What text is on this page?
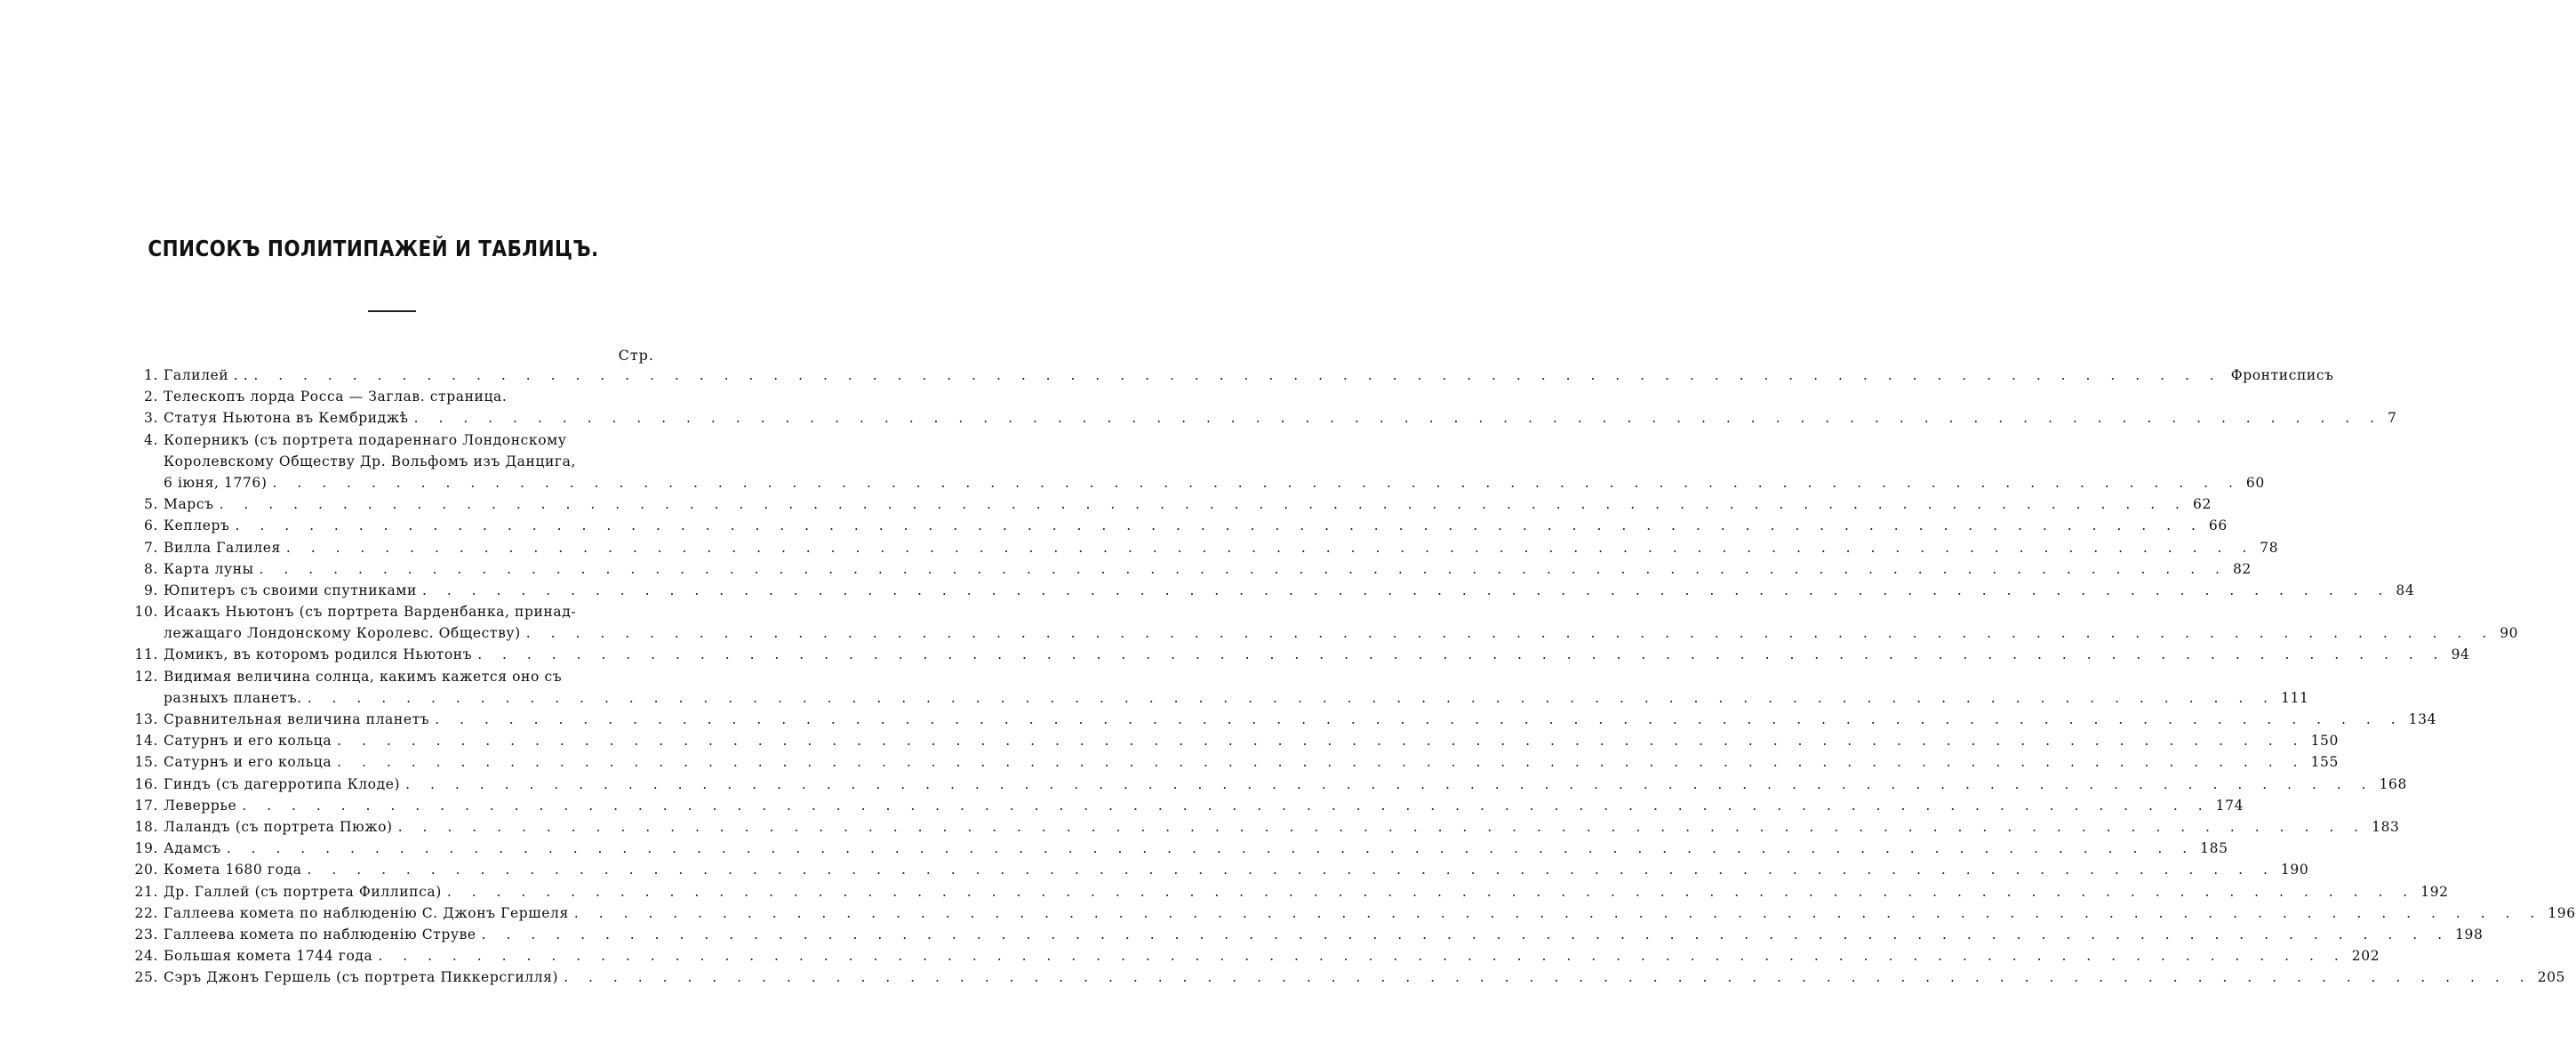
СПИСОКЪ ПОЛИТИПАЖЕЙ И ТАБЛИЦЪ.
Стр.
1. Галилей . . . . . . . . . . . . . . . . . . . . . . . . . . . . . . . . . . . . . . . . . . . . . . . . . . . . . . . . . . . . . . . . . . . . . . . . . . . . . . . . . . Фронтисписъ
2. Телескопъ лорда Росса — Заглав. страница.
3. Статуя Ньютона въ Кембриджѣ . . . . . . . . . . . . . . . . . . . . . . . . . . . . . . . . . . . . . . . . . . . . . . . . . . . . . . . . . . . . . . . . . . . . . . . . . . . . . . . . 7
4. Коперникъ (съ портрета подареннаго Лондонскому
Королевскому Обществу Др. Вольфомъ изъ Данцига,
6 іюня, 1776) . . . . . . . . . . . . . . . . . . . . . . . . . . . . . . . . . . . . . . . . . . . . . . . . . . . . . . . . . . . . . . . . . . . . . . . . . . . . . . . . 60
5. Марсъ . . . . . . . . . . . . . . . . . . . . . . . . . . . . . . . . . . . . . . . . . . . . . . . . . . . . . . . . . . . . . . . . . . . . . . . . . . . . . . . . 62
6. Кеплеръ . . . . . . . . . . . . . . . . . . . . . . . . . . . . . . . . . . . . . . . . . . . . . . . . . . . . . . . . . . . . . . . . . . . . . . . . . . . . . . . . 66
7. Вилла Галилея . . . . . . . . . . . . . . . . . . . . . . . . . . . . . . . . . . . . . . . . . . . . . . . . . . . . . . . . . . . . . . . . . . . . . . . . . . . . . . . . 78
8. Карта луны . . . . . . . . . . . . . . . . . . . . . . . . . . . . . . . . . . . . . . . . . . . . . . . . . . . . . . . . . . . . . . . . . . . . . . . . . . . . . . . . 82
9. Юпитеръ съ своими спутниками . . . . . . . . . . . . . . . . . . . . . . . . . . . . . . . . . . . . . . . . . . . . . . . . . . . . . . . . . . . . . . . . . . . . . . . . . . . . . . . . 84
10. Исаакъ Ньютонъ (съ портрета Варденбанка, принад-
лежащаго Лондонскому Королевс. Обществу) . . . . . . . . . . . . . . . . . . . . . . . . . . . . . . . . . . . . . . . . . . . . . . . . . . . . . . . . . . . . . . . . . . . . . . . . . . . . . . . . 90
11. Домикъ, въ которомъ родился Ньютонъ . . . . . . . . . . . . . . . . . . . . . . . . . . . . . . . . . . . . . . . . . . . . . . . . . . . . . . . . . . . . . . . . . . . . . . . . . . . . . . . . 94
12. Видимая величина солнца, какимъ кажется оно съ
разныхъ планетъ. . . . . . . . . . . . . . . . . . . . . . . . . . . . . . . . . . . . . . . . . . . . . . . . . . . . . . . . . . . . . . . . . . . . . . . . . . . . . . . . . 111
13. Сравнительная величина планетъ . . . . . . . . . . . . . . . . . . . . . . . . . . . . . . . . . . . . . . . . . . . . . . . . . . . . . . . . . . . . . . . . . . . . . . . . . . . . . . . . 134
14. Сатурнъ и его кольца . . . . . . . . . . . . . . . . . . . . . . . . . . . . . . . . . . . . . . . . . . . . . . . . . . . . . . . . . . . . . . . . . . . . . . . . . . . . . . . . 150
15. Сатурнъ и его кольца . . . . . . . . . . . . . . . . . . . . . . . . . . . . . . . . . . . . . . . . . . . . . . . . . . . . . . . . . . . . . . . . . . . . . . . . . . . . . . . . 155
16. Гиндъ (съ дагерротипа Клоде) . . . . . . . . . . . . . . . . . . . . . . . . . . . . . . . . . . . . . . . . . . . . . . . . . . . . . . . . . . . . . . . . . . . . . . . . . . . . . . . . 168
17. Леверрье . . . . . . . . . . . . . . . . . . . . . . . . . . . . . . . . . . . . . . . . . . . . . . . . . . . . . . . . . . . . . . . . . . . . . . . . . . . . . . . . 174
18. Лаландъ (съ портрета Пюжо) . . . . . . . . . . . . . . . . . . . . . . . . . . . . . . . . . . . . . . . . . . . . . . . . . . . . . . . . . . . . . . . . . . . . . . . . . . . . . . . . 183
19. Адамсъ . . . . . . . . . . . . . . . . . . . . . . . . . . . . . . . . . . . . . . . . . . . . . . . . . . . . . . . . . . . . . . . . . . . . . . . . . . . . . . . . 185
20. Комета 1680 года . . . . . . . . . . . . . . . . . . . . . . . . . . . . . . . . . . . . . . . . . . . . . . . . . . . . . . . . . . . . . . . . . . . . . . . . . . . . . . . . 190
21. Др. Галлей (съ портрета Филлипса) . . . . . . . . . . . . . . . . . . . . . . . . . . . . . . . . . . . . . . . . . . . . . . . . . . . . . . . . . . . . . . . . . . . . . . . . . . . . . . . . 192
22. Галлеева комета по наблюденію С. Джонъ Гершеля . . . . . . . . . . . . . . . . . . . . . . . . . . . . . . . . . . . . . . . . . . . . . . . . . . . . . . . . . . . . . . . . . . . . . . . . . . . . . . . . 196
23. Галлеева комета по наблюденію Струве . . . . . . . . . . . . . . . . . . . . . . . . . . . . . . . . . . . . . . . . . . . . . . . . . . . . . . . . . . . . . . . . . . . . . . . . . . . . . . . . 198
24. Большая комета 1744 года . . . . . . . . . . . . . . . . . . . . . . . . . . . . . . . . . . . . . . . . . . . . . . . . . . . . . . . . . . . . . . . . . . . . . . . . . . . . . . . . 202
25. Сэръ Джонъ Гершель (съ портрета Пиккерсгилля) . . . . . . . . . . . . . . . . . . . . . . . . . . . . . . . . . . . . . . . . . . . . . . . . . . . . . . . . . . . . . . . . . . . . . . . . . . . . . . . . 205
